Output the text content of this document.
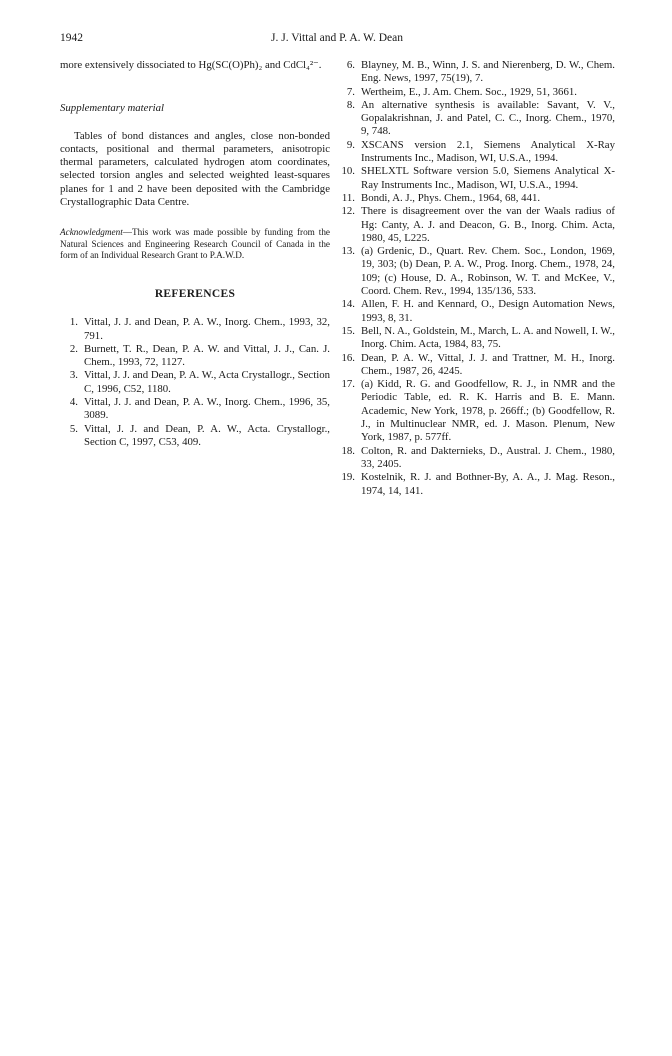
1942	J. J. Vittal and P. A. W. Dean

more extensively dissociated to Hg(SC(O)Ph)₂ and CdCl₄²⁻.

Supplementary material

Tables of bond distances and angles, close non-bonded contacts, positional and thermal parameters, anisotropic thermal parameters, calculated hydrogen atom coordinates, selected torsion angles and selected weighted least-squares planes for 1 and 2 have been deposited with the Cambridge Crystallographic Data Centre.

Acknowledgment—This work was made possible by funding from the Natural Sciences and Engineering Research Council of Canada in the form of an Individual Research Grant to P.A.W.D.

REFERENCES
1. Vittal, J. J. and Dean, P. A. W., Inorg. Chem., 1993, 32, 791.
2. Burnett, T. R., Dean, P. A. W. and Vittal, J. J., Can. J. Chem., 1993, 72, 1127.
3. Vittal, J. J. and Dean, P. A. W., Acta Crystallogr., Section C, 1996, C52, 1180.
4. Vittal, J. J. and Dean, P. A. W., Inorg. Chem., 1996, 35, 3089.
5. Vittal, J. J. and Dean, P. A. W., Acta. Crystallogr., Section C, 1997, C53, 409.
6. Blayney, M. B., Winn, J. S. and Nierenberg, D. W., Chem. Eng. News, 1997, 75(19), 7.
7. Wertheim, E., J. Am. Chem. Soc., 1929, 51, 3661.
8. An alternative synthesis is available: Savant, V. V., Gopalakrishnan, J. and Patel, C. C., Inorg. Chem., 1970, 9, 748.
9. XSCANS version 2.1, Siemens Analytical X-Ray Instruments Inc., Madison, WI, U.S.A., 1994.
10. SHELXTL Software version 5.0, Siemens Analytical X-Ray Instruments Inc., Madison, WI, U.S.A., 1994.
11. Bondi, A. J., Phys. Chem., 1964, 68, 441.
12. There is disagreement over the van der Waals radius of Hg: Canty, A. J. and Deacon, G. B., Inorg. Chim. Acta, 1980, 45, L225.
13. (a) Grdenic, D., Quart. Rev. Chem. Soc., London, 1969, 19, 303; (b) Dean, P. A. W., Prog. Inorg. Chem., 1978, 24, 109; (c) House, D. A., Robinson, W. T. and McKee, V., Coord. Chem. Rev., 1994, 135/136, 533.
14. Allen, F. H. and Kennard, O., Design Automation News, 1993, 8, 31.
15. Bell, N. A., Goldstein, M., March, L. A. and Nowell, I. W., Inorg. Chim. Acta, 1984, 83, 75.
16. Dean, P. A. W., Vittal, J. J. and Trattner, M. H., Inorg. Chem., 1987, 26, 4245.
17. (a) Kidd, R. G. and Goodfellow, R. J., in NMR and the Periodic Table, ed. R. K. Harris and B. E. Mann. Academic, New York, 1978, p. 266ff.; (b) Goodfellow, R. J., in Multinuclear NMR, ed. J. Mason. Plenum, New York, 1987, p. 577ff.
18. Colton, R. and Dakternieks, D., Austral. J. Chem., 1980, 33, 2405.
19. Kostelnik, R. J. and Bothner-By, A. A., J. Mag. Reson., 1974, 14, 141.
